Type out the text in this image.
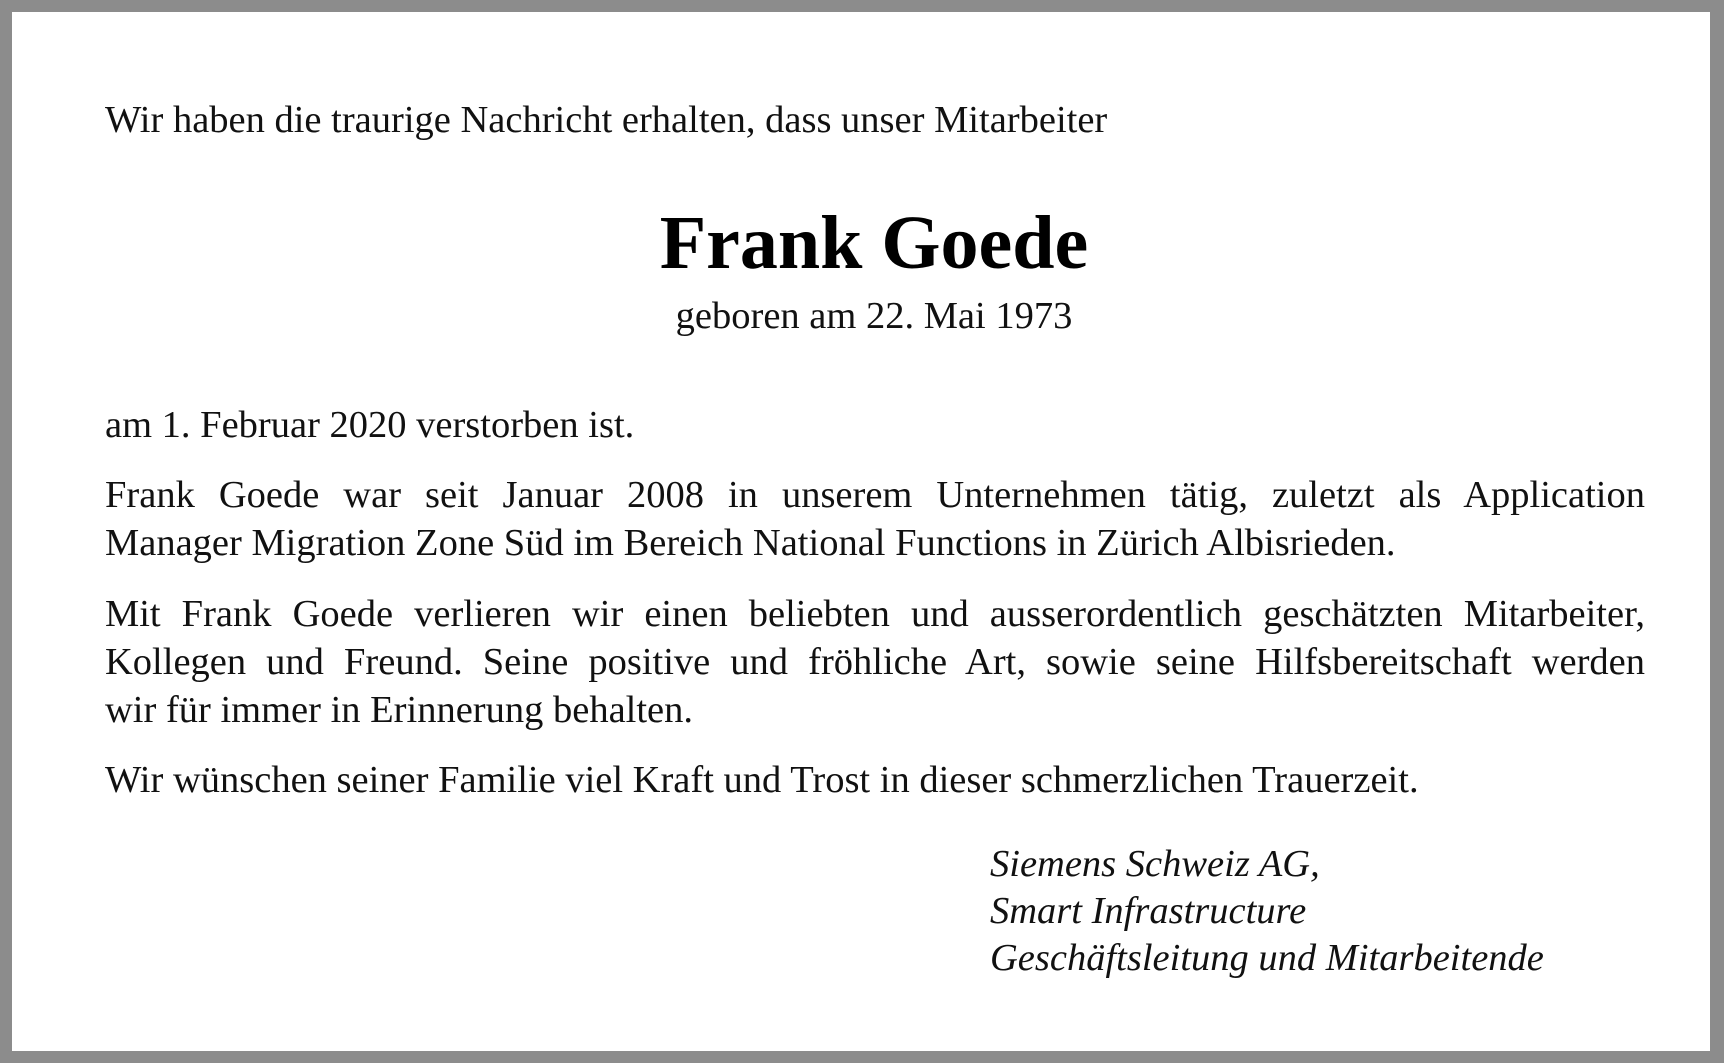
Wir haben die traurige Nachricht erhalten, dass unser Mitarbeiter
Frank Goede
geboren am 22. Mai 1973
am 1. Februar 2020 verstorben ist.
Frank Goede war seit Januar 2008 in unserem Unternehmen tätig, zuletzt als Application
Manager Migration Zone Süd im Bereich National Functions in Zürich Albisrieden.
Mit Frank Goede verlieren wir einen beliebten und ausserordentlich geschätzten Mitarbeiter,
Kollegen und Freund. Seine positive und fröhliche Art, sowie seine Hilfsbereitschaft werden
wir für immer in Erinnerung behalten.
Wir wünschen seiner Familie viel Kraft und Trost in dieser schmerzlichen Trauerzeit.
Siemens Schweiz AG,
Smart Infrastructure
Geschäftsleitung und Mitarbeitende
